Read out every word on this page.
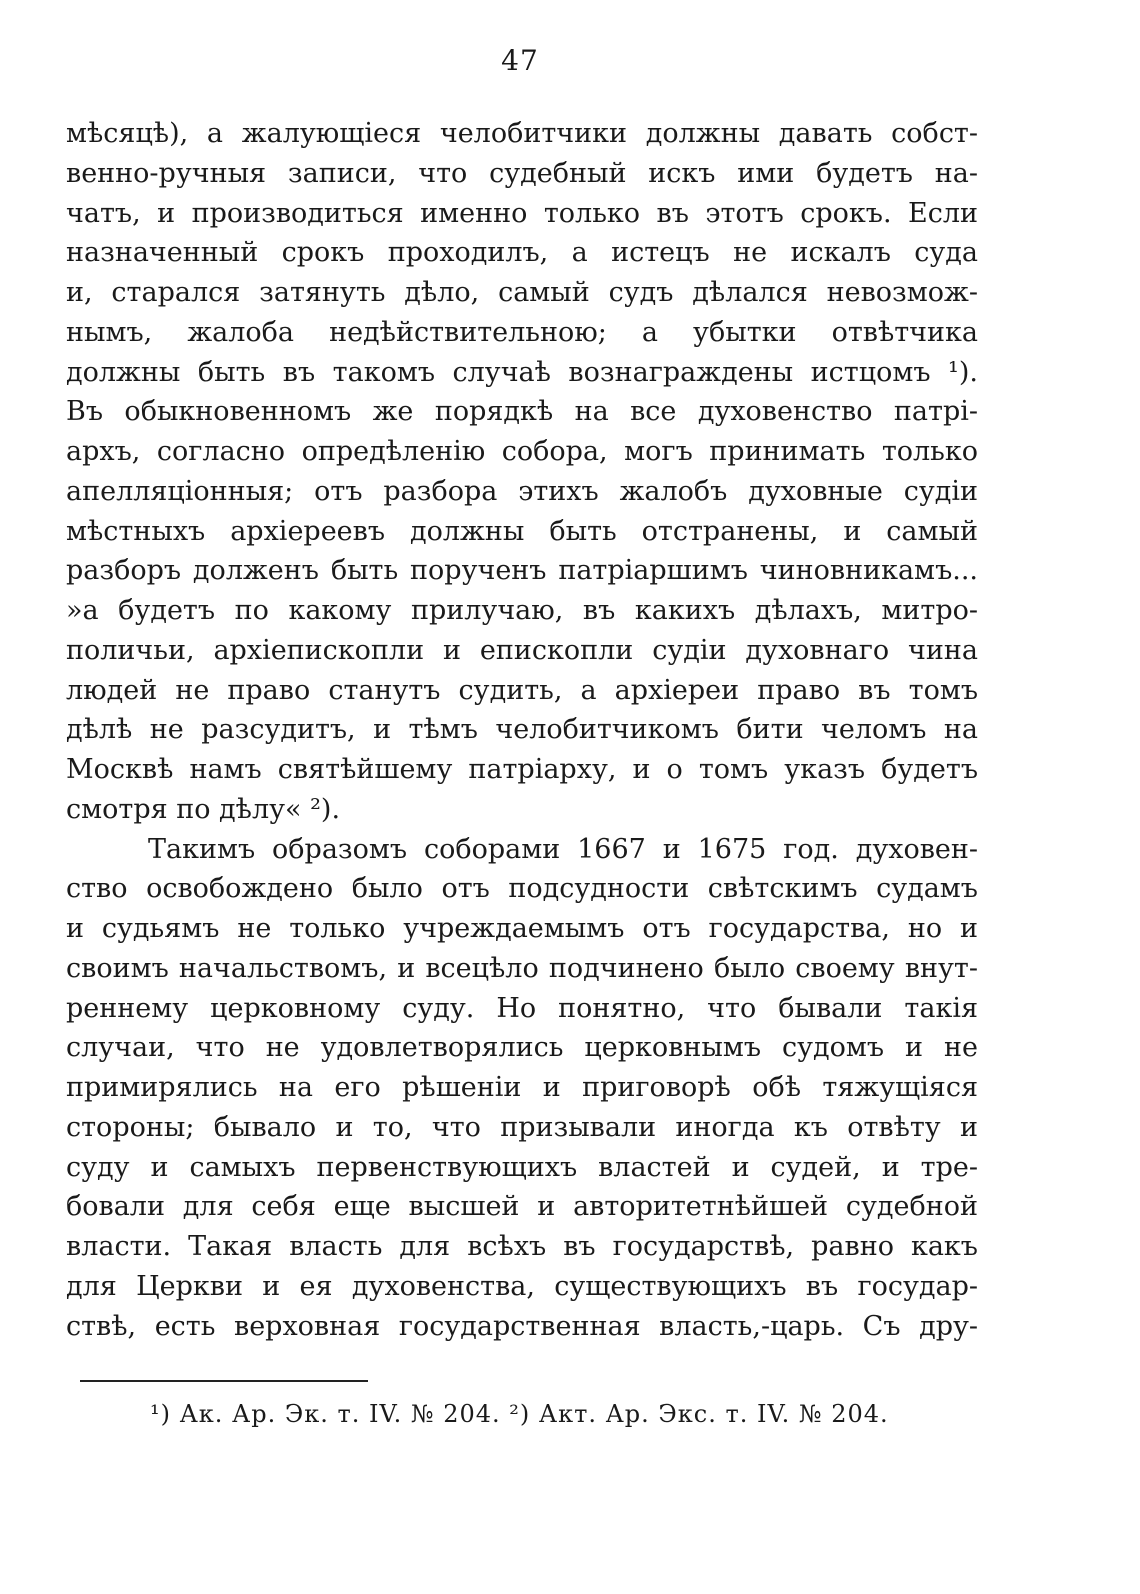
47
мѣсяцѣ), а жалующіеся челобитчики должны давать собст-
венно-ручныя записи, что судебный искъ ими будетъ на-
чатъ, и производиться именно только въ этотъ срокъ. Если
назначенный срокъ проходилъ, а истецъ не искалъ суда
и, старался затянуть дѣло, самый судъ дѣлался невозмож-
нымъ, жалоба недѣйствительною; а убытки отвѣтчика
должны быть въ такомъ случаѣ вознаграждены истцомъ ¹).
Въ обыкновенномъ же порядкѣ на все духовенство патрі-
архъ, согласно опредѣленію собора, могъ принимать только
апелляціонныя; отъ разбора этихъ жалобъ духовные судіи
мѣстныхъ архіереевъ должны быть отстранены, и самый
разборъ долженъ быть порученъ патріаршимъ чиновникамъ...
»а будетъ по какому прилучаю, въ какихъ дѣлахъ, митро-
поличьи, архіепископли и епископли судіи духовнаго чина
людей не право станутъ судить, а архіереи право въ томъ
дѣлѣ не разсудитъ, и тѣмъ челобитчикомъ бити челомъ на
Москвѣ намъ святѣйшему патріарху, и о томъ указъ будетъ
смотря по дѣлу« ²).
Такимъ образомъ соборами 1667 и 1675 год. духовен-
ство освобождено было отъ подсудности свѣтскимъ судамъ
и судьямъ не только учреждаемымъ отъ государства, но и
своимъ начальствомъ, и всецѣло подчинено было своему внут-
реннему церковному суду. Но понятно, что бывали такія
случаи, что не удовлетворялись церковнымъ судомъ и не
примирялись на его рѣшеніи и приговорѣ обѣ тяжущіяся
стороны; бывало и то, что призывали иногда къ отвѣту и
суду и самыхъ первенствующихъ властей и судей, и тре-
бовали для себя еще высшей и авторитетнѣйшей судебной
власти. Такая власть для всѣхъ въ государствѣ, равно какъ
для Церкви и ея духовенства, существующихъ въ государ-
ствѣ, есть верховная государственная власть,-царь. Съ дру-
¹) Ак. Ар. Эк. т. IV. № 204. ²) Акт. Ар. Экс. т. IV. № 204.
